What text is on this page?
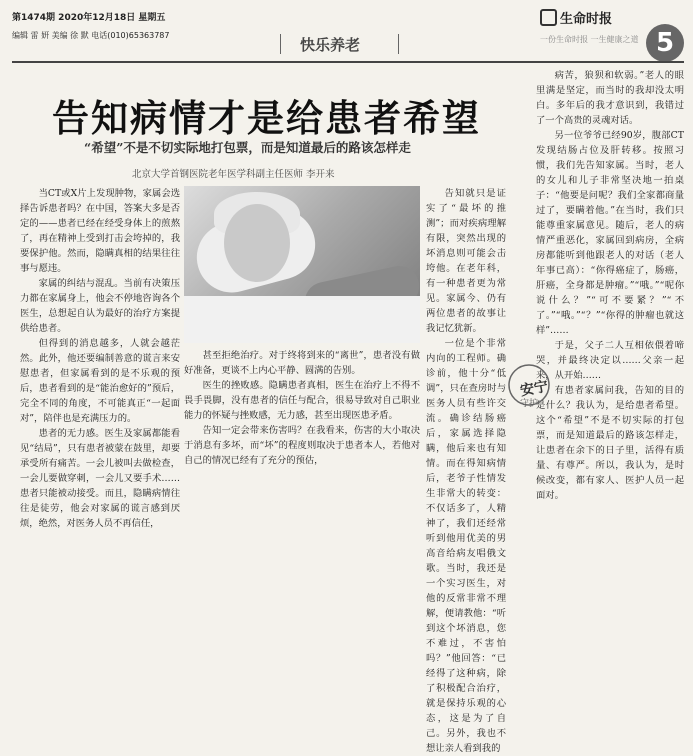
第1474期 2020年12月18日 星期五
编辑 雷 妍 美编 徐 默 电话(010)65363787
快乐养老
生命时报
一份生命时报 一生健康之道 5
告知病情才是给患者希望
“希望”不是不切实际地打包票，而是知道最后的路该怎样走
北京大学首钢医院老年医学科副主任医师 李开来

当CT或X片上发现肿物，家属会选择告诉患者吗？在中国，答案大多是否定的——患者已经在经受身体上的煎熬了，再在精神上受到打击会垮掉的，我要保护他。然而，隐瞒真相的结果往往事与愿违。

家属的纠结与混乱。当前有决策压力都在家属身上，他会不停地咨询各个医生，总想起自认为最好的治疗方案提供给患者。

但得到的消息越多，人就会越茫然。此外，他还要编制善意的谎言来安慰患者，但家属看到的是不乐观的预后，患者看到的是“能治愈好的”预后，完全不同的角度，不可能真正“一起面对”，陪伴也是充满压力的。

患者的无力感。医生及家属都能看见“结局”，只有患者被蒙在鼓里，却要承受所有痛苦。一会儿被叫去做检查，一会儿要做穿刺，一会儿又要手术……患者只能被动接受。而且，隐瞒病情往往是徒劳，他会对家属的谎言感到厌烦，绝然，对医务人员不再信任，

甚至拒绝治疗。对于终将到来的“离世”，患者没有做好准备，更谈不上内心平静、圆满的告别。

医生的挫败感。隐瞒患者真相，医生在治疗上不得不畏手畏脚，没有患者的信任与配合，很易导致对自己职业能力的怀疑与挫败感，无力感，甚至出现医患矛盾。

告知一定会带来伤害吗？在我看来，伤害的大小取决于消息有多坏，而“坏”的程度则取决于患者本人，若他对自己的情况已经有了充分的预估，

告知就只是证实了“最坏的推测”；而对疾病理解有限，突然出现的坏消息则可能会击垮他。在老年科，有一种患者更为常见。家属今、仍有两位患者的故事让我记忆犹新。

一位是个非常内向的工程师。确诊前，他十分“低调”，只在查房时与医务人员有些许交流。确诊结肠癌后，家属选择隐瞒，他后来也有知情。而在得知病情后，老爷子性情发生非常大的转变：不仅话多了，人精神了，我们还经常听到他用优美的男高音给病友唱俄文歌。当时，我还是一个实习医生，对他的反常非常不理解，便请教他：“听到这个坏消息，您不难过，不害怕吗？”他回答：“已经得了这种病，除了积极配合治疗，就是保持乐观的心态，这是为了自己。另外，我也不想让亲人看到我的

病苦，狼狈和软弱。”老人的眼里满是坚定，而当时的我却没太明白。多年后的我才意识到，我错过了一个高贵的灵魂对话。

另一位爷爷已经90岁，腹部CT发现结肠占位及肝转移。按照习惯，我们先告知家属。当时，老人的女儿和儿子非常坚决地一拍桌子：“他要是问呢？我们全家都商量过了，要瞒着他。”在当时，我们只能尊重家属意见。随后，老人的病情严重恶化，家属回到病房，全病房都能听到他跟老人的对话（老人年事已高）：“你得癌症了，肠癌，肝癌，全身都是肿瘤。”“哦。”“呢你说什么？”“可不要紧？”“不了。”“哦。”“？”“你得的肿瘤也就这样”……

于是，父子二人互相依偎着啼哭，并最终决定以……父亲一起来，从开始……

有患者家属问我，告知的目的是什么？我认为，是给患者希望。这个“希望”不是不切实际的打包票，而是知道最后的路该怎样走，让患者在余下的日子里，活得有质量、有尊严。所以，我认为，是时候改变，都有家人、医护人员一起面对。

安宁
守护
